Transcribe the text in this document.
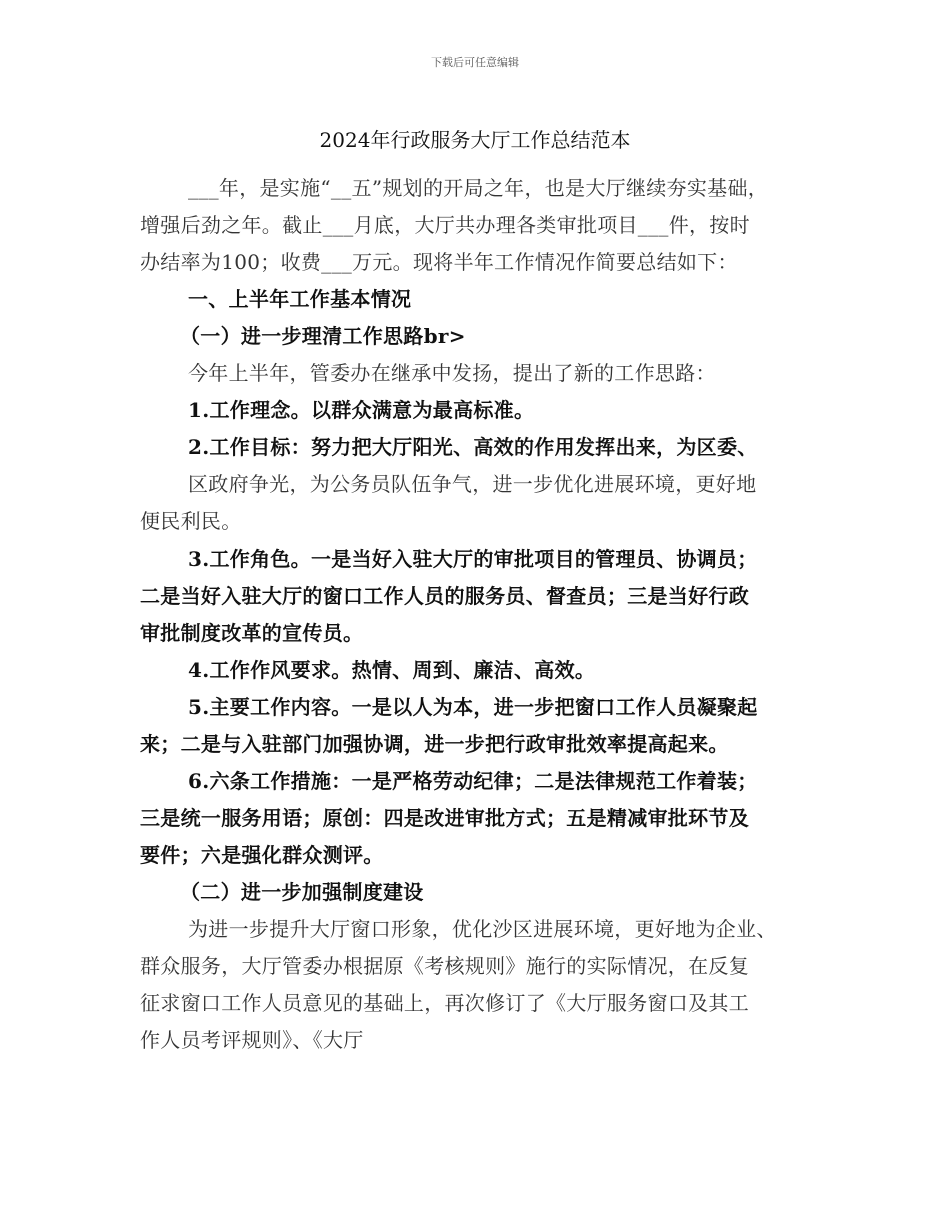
下载后可任意编辑
2024年行政服务大厅工作总结范本
___年，是实施“__五”规划的开局之年，也是大厅继续夯实基础，
增强后劲之年。截止___月底，大厅共办理各类审批项目___件，按时
办结率为100；收费___万元。现将半年工作情况作简要总结如下：
一、上半年工作基本情况
（一）进一步理清工作思路br>
今年上半年，管委办在继承中发扬，提出了新的工作思路：
1.工作理念。以群众满意为最高标准。
2.工作目标：努力把大厅阳光、高效的作用发挥出来，为区委、
区政府争光，为公务员队伍争气，进一步优化进展环境，更好地
便民利民。
3.工作角色。一是当好入驻大厅的审批项目的管理员、协调员；
二是当好入驻大厅的窗口工作人员的服务员、督查员；三是当好行政
审批制度改革的宣传员。
4.工作作风要求。热情、周到、廉洁、高效。
5.主要工作内容。一是以人为本，进一步把窗口工作人员凝聚起
来；二是与入驻部门加强协调，进一步把行政审批效率提高起来。
6.六条工作措施：一是严格劳动纪律；二是法律规范工作着装；
三是统一服务用语；原创：四是改进审批方式；五是精减审批环节及
要件；六是强化群众测评。
（二）进一步加强制度建设
为进一步提升大厅窗口形象，优化沙区进展环境，更好地为企业、
群众服务，大厅管委办根据原《考核规则》施行的实际情况，在反复
征求窗口工作人员意见的基础上，再次修订了《大厅服务窗口及其工
作人员考评规则》、《大厅
